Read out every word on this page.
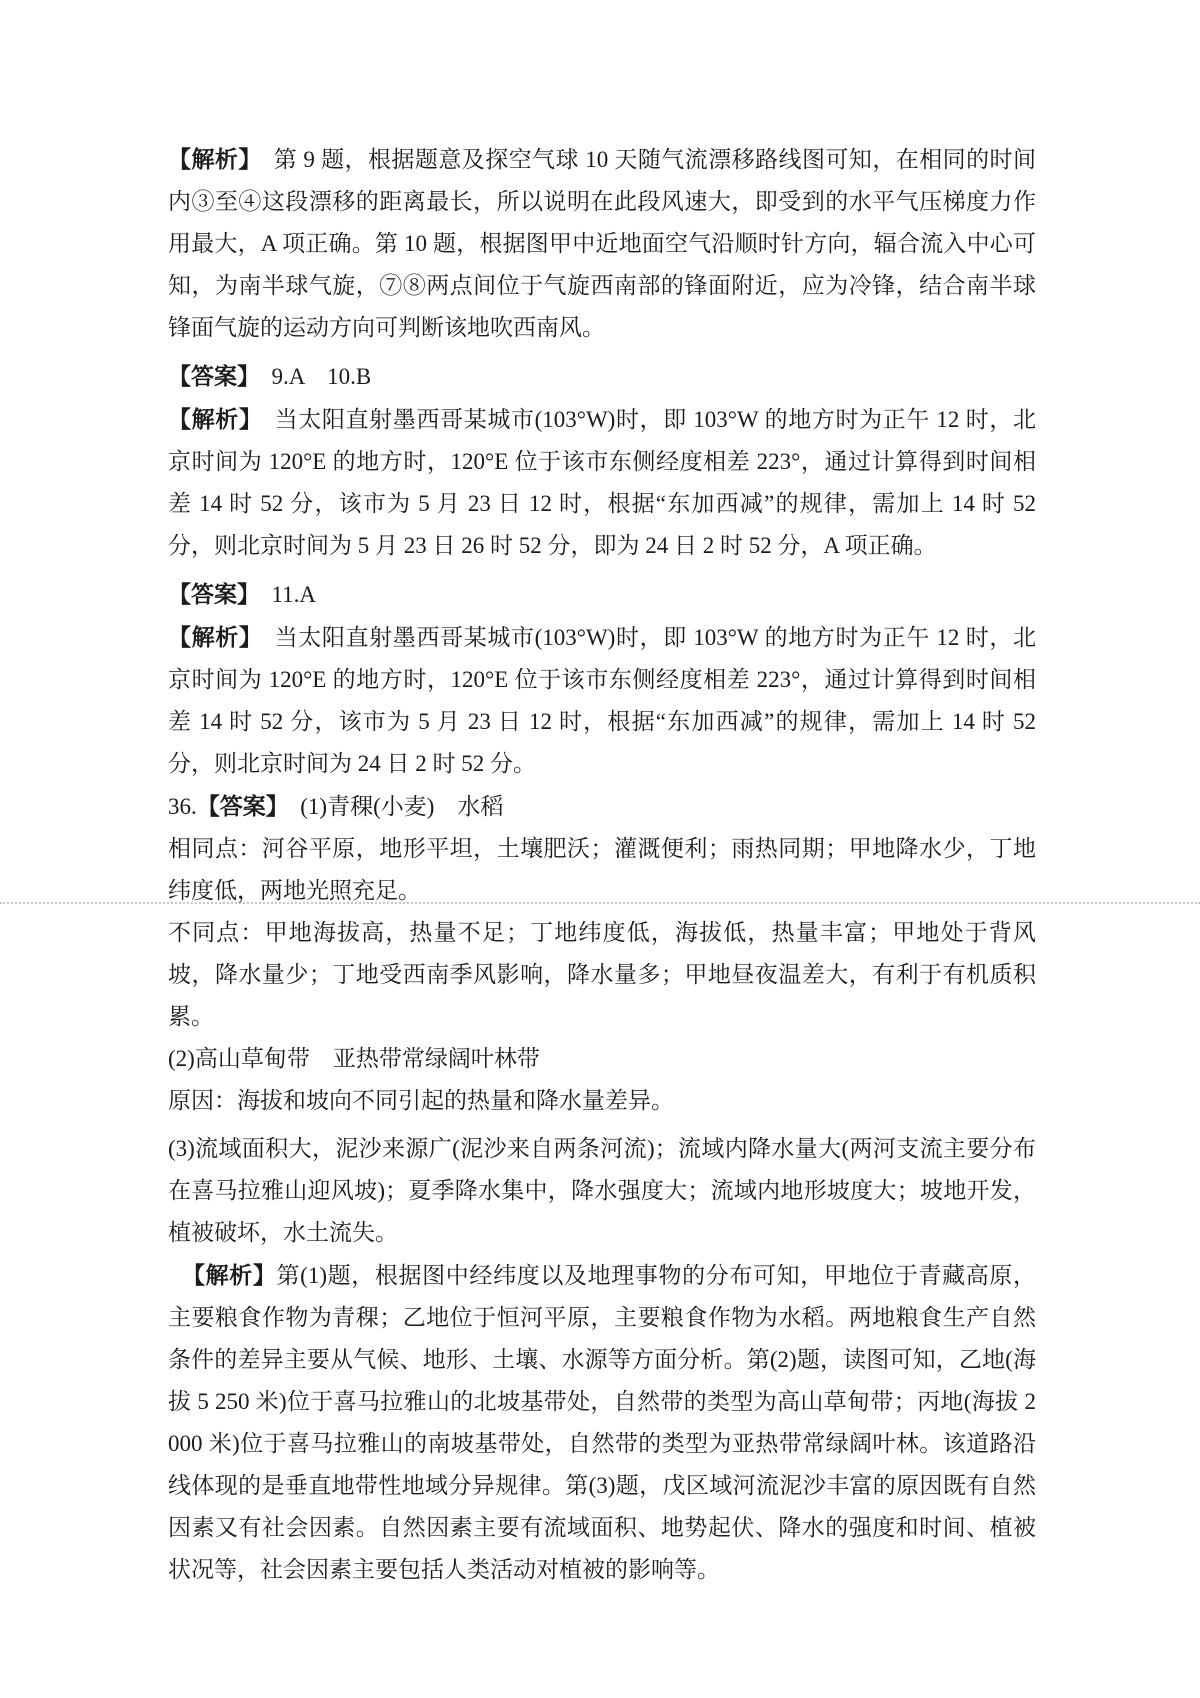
【解析】　第 9 题，根据题意及探空气球 10 天随气流漂移路线图可知，在相同的时间内③至④这段漂移的距离最长，所以说明在此段风速大，即受到的水平气压梯度力作用最大，A 项正确。第 10 题，根据图甲中近地面空气沿顺时针方向，辐合流入中心可知，为南半球气旋，⑦⑧两点间位于气旋西南部的锋面附近，应为冷锋，结合南半球锋面气旋的运动方向可判断该地吹西南风。

【答案】　9.A　10.B

【解析】　当太阳直射墨西哥某城市(103°W)时，即 103°W 的地方时为正午 12 时，北京时间为 120°E 的地方时，120°E 位于该市东侧经度相差 223°，通过计算得到时间相差 14 时 52 分，该市为 5 月 23 日 12 时，根据“东加西减”的规律，需加上 14 时 52 分，则北京时间为 5 月 23 日 26 时 52 分，即为 24 日 2 时 52 分，A 项正确。

【答案】　11.A

【解析】　当太阳直射墨西哥某城市(103°W)时，即 103°W 的地方时为正午 12 时，北京时间为 120°E 的地方时，120°E 位于该市东侧经度相差 223°，通过计算得到时间相差 14 时 52 分，该市为 5 月 23 日 12 时，根据“东加西减”的规律，需加上 14 时 52 分，则北京时间为 24 日 2 时 52 分。

36.【答案】　(1)青稞(小麦)　水稻

相同点：河谷平原，地形平坦，土壤肥沃；灌溉便利；雨热同期；甲地降水少，丁地纬度低，两地光照充足。

不同点：甲地海拔高，热量不足；丁地纬度低，海拔低，热量丰富；甲地处于背风坡，降水量少；丁地受西南季风影响，降水量多；甲地昼夜温差大，有利于有机质积累。

(2)高山草甸带　亚热带常绿阔叶林带

原因：海拔和坡向不同引起的热量和降水量差异。

(3)流域面积大，泥沙来源广(泥沙来自两条河流)；流域内降水量大(两河支流主要分布在喜马拉雅山迎风坡)；夏季降水集中，降水强度大；流域内地形坡度大；坡地开发，植被破坏，水土流失。

【解析】第(1)题，根据图中经纬度以及地理事物的分布可知，甲地位于青藏高原，主要粮食作物为青稞；乙地位于恒河平原，主要粮食作物为水稻。两地粮食生产自然条件的差异主要从气候、地形、土壤、水源等方面分析。第(2)题，读图可知，乙地(海拔 5 250 米)位于喜马拉雅山的北坡基带处，自然带的类型为高山草甸带；丙地(海拔 2 000 米)位于喜马拉雅山的南坡基带处，自然带的类型为亚热带常绿阔叶林。该道路沿线体现的是垂直地带性地域分异规律。第(3)题，戊区域河流泥沙丰富的原因既有自然因素又有社会因素。自然因素主要有流域面积、地势起伏、降水的强度和时间、植被状况等，社会因素主要包括人类活动对植被的影响等。
